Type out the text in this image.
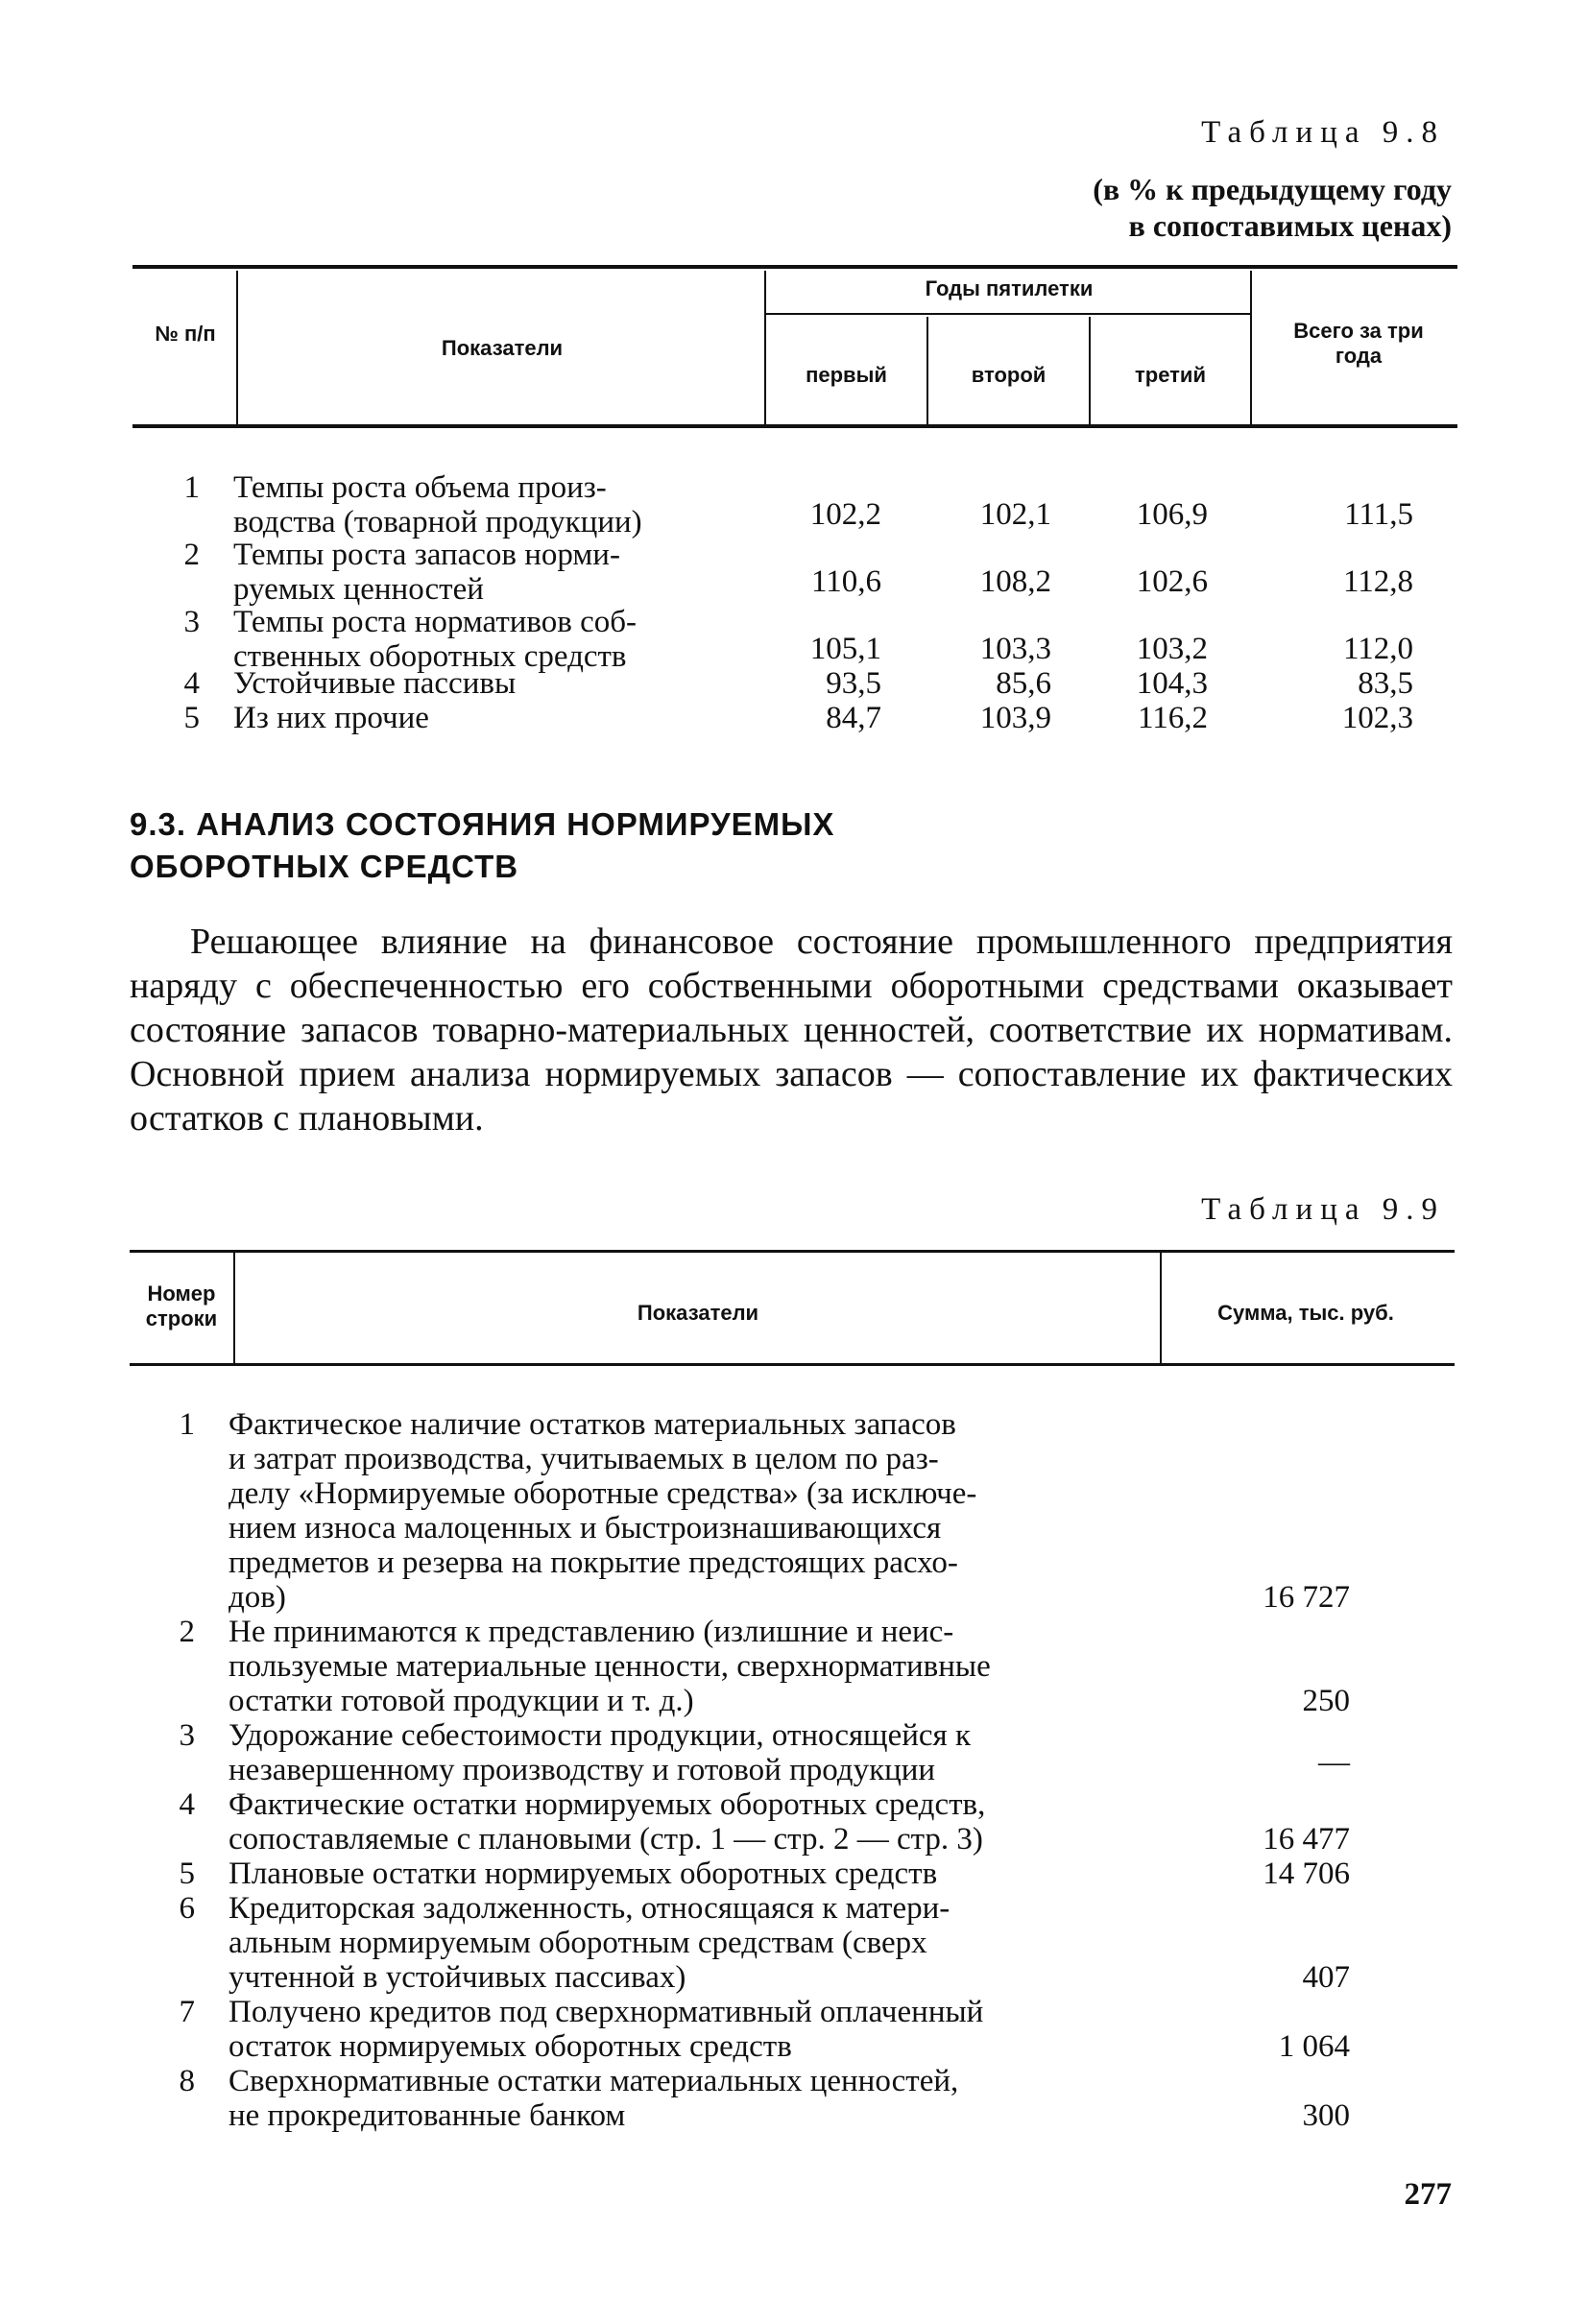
Таблица 9.8
(в % к предыдущему году
в сопоставимых ценах)
№ п/п
Показатели
Годы пятилетки
первый	второй	третий
Всего за три года
1 Темпы роста объема произ-
водства (товарной продукции)	102,2	102,1	106,9	111,5
2 Темпы роста запасов норми-
руемых ценностей	110,6	108,2	102,6	112,8
3 Темпы роста нормативов соб-
ственных оборотных средств	105,1	103,3	103,2	112,0
4 Устойчивые пассивы	93,5	85,6	104,3	83,5
5 Из них прочие	84,7	103,9	116,2	102,3
9.3. АНАЛИЗ СОСТОЯНИЯ НОРМИРУЕМЫХ
ОБОРОТНЫХ СРЕДСТВ
Решающее влияние на финансовое состояние промышленного предприятия наряду с обеспеченностью его собственными оборотными средствами оказывает состояние запасов товарно-материальных ценностей, соответствие их нормативам. Основной прием анализа нормируемых запасов — сопоставление их фактических остатков с плановыми.
Таблица 9.9
Номер строки	Показатели	Сумма, тыс. руб.
1 Фактическое наличие остатков материальных запасов
и затрат производства, учитываемых в целом по раз-
делу «Нормируемые оборотные средства» (за исключе-
нием износа малоценных и быстроизнашивающихся
предметов и резерва на покрытие предстоящих расхо-
дов)	16 727
2 Не принимаются к представлению (излишние и неис-
пользуемые материальные ценности, сверхнормативные
остатки готовой продукции и т. д.)	250
3 Удорожание себестоимости продукции, относящейся к
незавершенному производству и готовой продукции	—
4 Фактические остатки нормируемых оборотных средств,
сопоставляемые с плановыми (стр. 1 — стр. 2 — стр. 3)	16 477
5 Плановые остатки нормируемых оборотных средств	14 706
6 Кредиторская задолженность, относящаяся к матери-
альным нормируемым оборотным средствам (сверх
учтенной в устойчивых пассивах)	407
7 Получено кредитов под сверхнормативный оплаченный
остаток нормируемых оборотных средств	1 064
8 Сверхнормативные остатки материальных ценностей,
не прокредитованные банком	300
277
